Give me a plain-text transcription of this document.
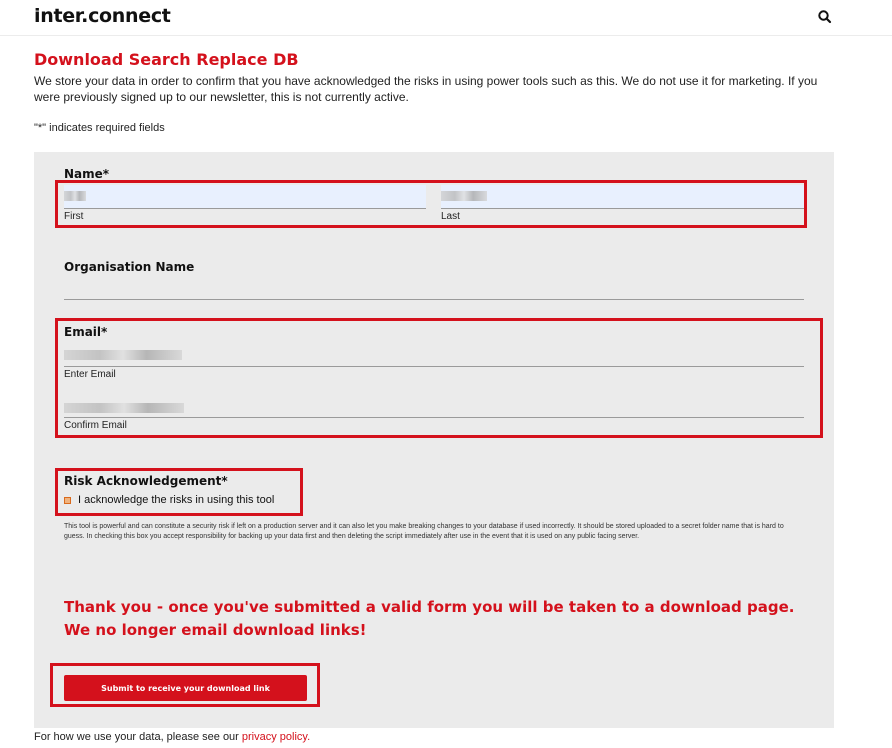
inter.connect
Download Search Replace DB

We store your data in order to confirm that you have acknowledged the risks in using power tools such as this. We do not use it for marketing. If you were previously signed up to our newsletter, this is not currently active.

"*" indicates required fields

Name*
First	Last
Organisation Name
Email*
Enter Email
Confirm Email
Risk Acknowledgement*
I acknowledge the risks in using this tool

This tool is powerful and can constitute a security risk if left on a production server and it can also let you make breaking changes to your database if used incorrectly. It should be stored uploaded to a secret folder name that is hard to guess. In checking this box you accept responsibility for backing up your data first and then deleting the script immediately after use in the event that it is used on any public facing server.

Thank you - once you've submitted a valid form you will be taken to a download page. We no longer email download links!

Submit to receive your download link

For how we use your data, please see our privacy policy.
